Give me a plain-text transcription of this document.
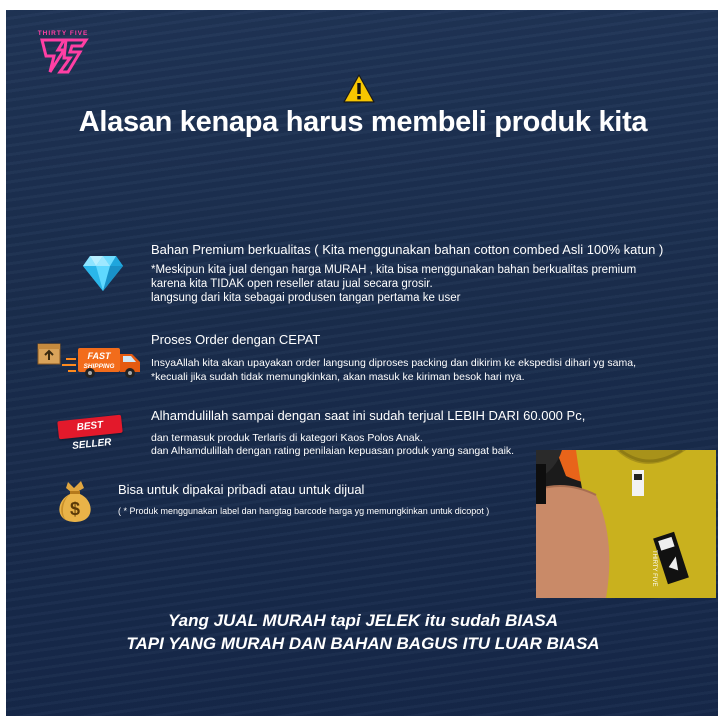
THIRTY FIVE
Alasan kenapa harus membeli produk kita
Bahan Premium berkualitas ( Kita menggunakan bahan cotton combed Asli 100% katun )
*Meskipun kita jual dengan harga MURAH , kita bisa menggunakan bahan berkualitas premium
karena kita TIDAK open reseller atau jual secara grosir.
langsung dari kita sebagai produsen tangan pertama ke user
FAST
SHIPPING
Proses Order dengan CEPAT
InsyaAllah kita akan upayakan order langsung diproses packing dan dikirim ke ekspedisi dihari yg sama,
*kecuali jika sudah tidak memungkinkan, akan masuk ke kiriman besok hari nya.
BEST SELLER
Alhamdulillah sampai dengan saat ini sudah terjual LEBIH DARI 60.000 Pc,
dan termasuk produk Terlaris di kategori Kaos Polos Anak.
dan Alhamdulillah dengan rating penilaian kepuasan produk yang sangat baik.
$
Bisa untuk dipakai pribadi atau untuk dijual
( * Produk menggunakan label dan hangtag barcode harga yg memungkinkan untuk dicopot )
THIRTY FIVE
Yang JUAL MURAH tapi JELEK itu sudah BIASA
TAPI YANG MURAH DAN BAHAN BAGUS ITU LUAR BIASA
